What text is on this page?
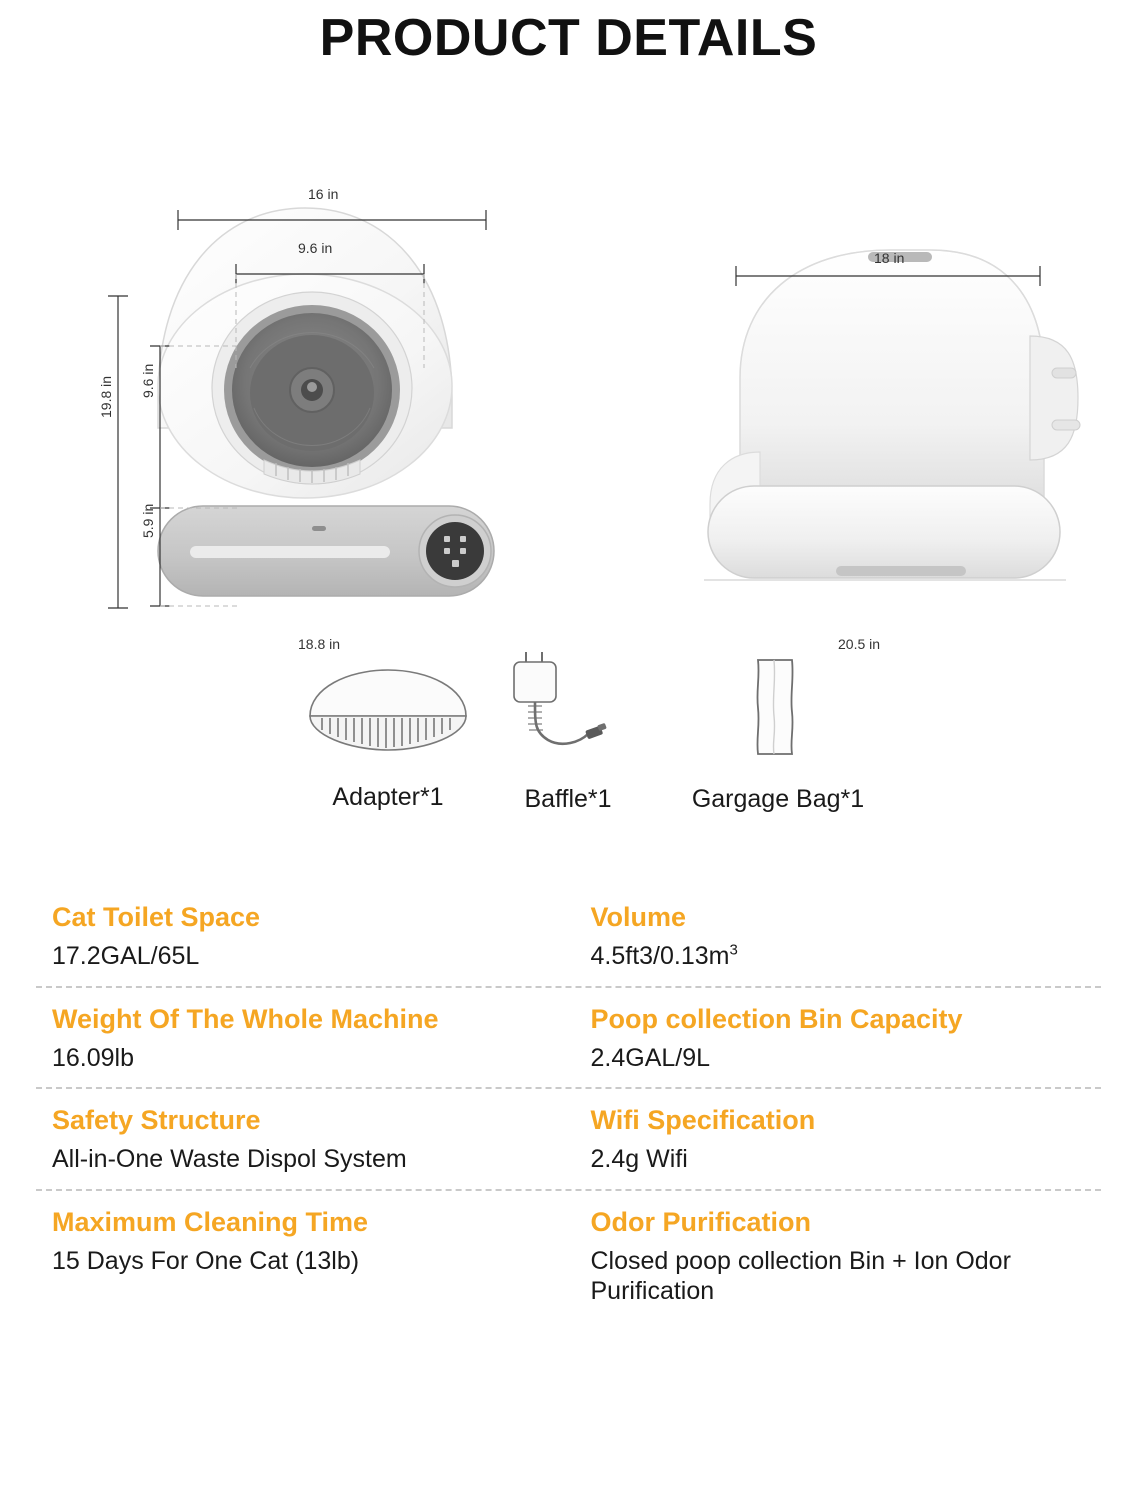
PRODUCT DETAILS
16 in
9.6 in
18.8 in
19.8 in 9.6 in
5.9 in
18 in
20.5 in
Adapter*1	Baffle*1	Gargage Bag*1
Cat Toilet Space
17.2GAL/65L
Volume
$4.5ft3/0.13m^3$
Weight Of The Whole Machine
16.09lb
Poop collection Bin Capacity
2.4GAL/9L
Safety Structure
All-in-One Waste Dispol System
Wifi Specification
2.4g Wifi
Maximum Cleaning Time
15 Days For One Cat (13lb)
Odor Purification
Closed poop collection Bin + Ion Odor Purification
